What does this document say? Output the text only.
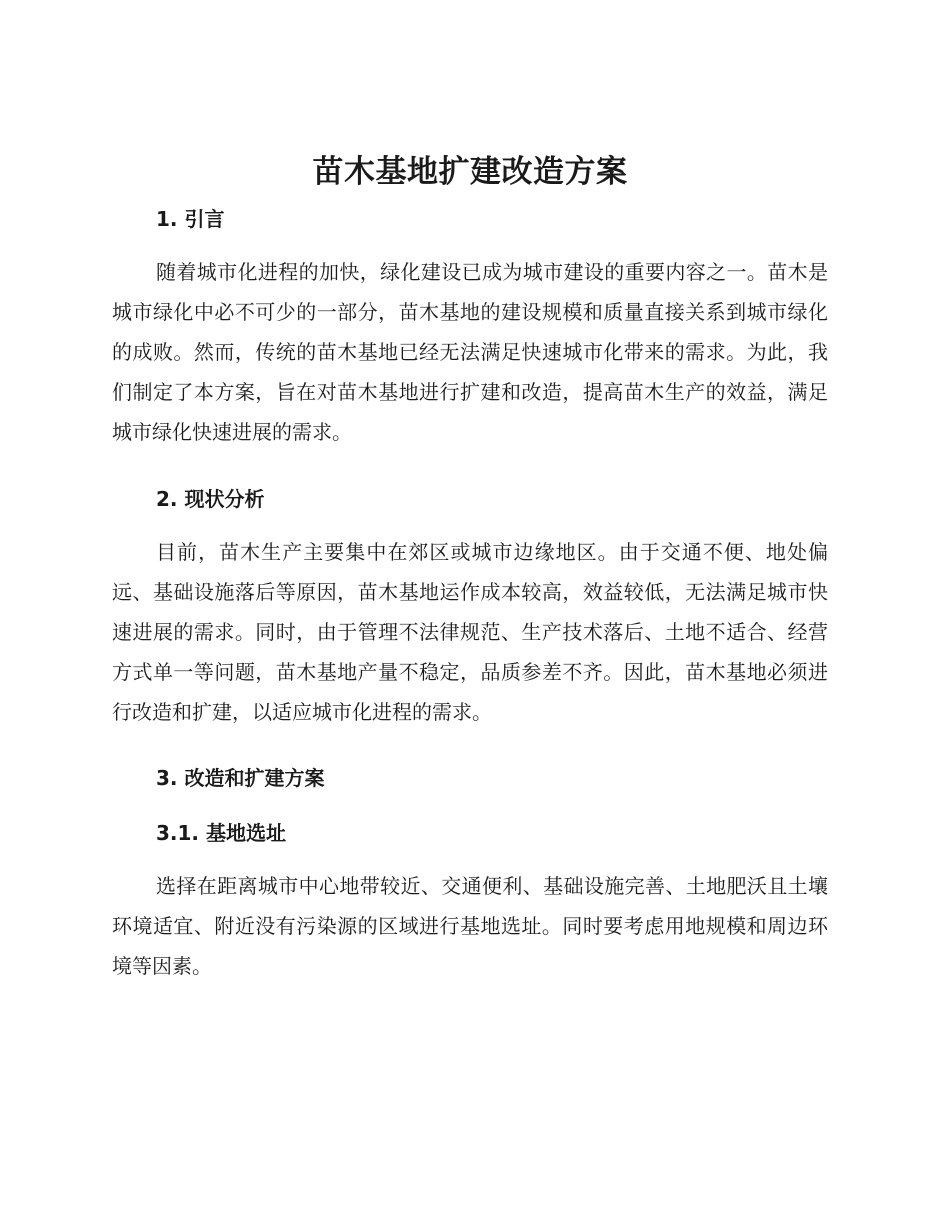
苗木基地扩建改造方案
1. 引言

随着城市化进程的加快，绿化建设已成为城市建设的重要内容之一。苗木是城市绿化中必不可少的一部分，苗木基地的建设规模和质量直接关系到城市绿化的成败。然而，传统的苗木基地已经无法满足快速城市化带来的需求。为此，我们制定了本方案，旨在对苗木基地进行扩建和改造，提高苗木生产的效益，满足城市绿化快速进展的需求。

2. 现状分析

目前，苗木生产主要集中在郊区或城市边缘地区。由于交通不便、地处偏远、基础设施落后等原因，苗木基地运作成本较高，效益较低，无法满足城市快速进展的需求。同时，由于管理不法律规范、生产技术落后、土地不适合、经营方式单一等问题，苗木基地产量不稳定，品质参差不齐。因此，苗木基地必须进行改造和扩建，以适应城市化进程的需求。

3. 改造和扩建方案
3.1. 基地选址

选择在距离城市中心地带较近、交通便利、基础设施完善、土地肥沃且土壤环境适宜、附近没有污染源的区域进行基地选址。同时要考虑用地规模和周边环境等因素。
